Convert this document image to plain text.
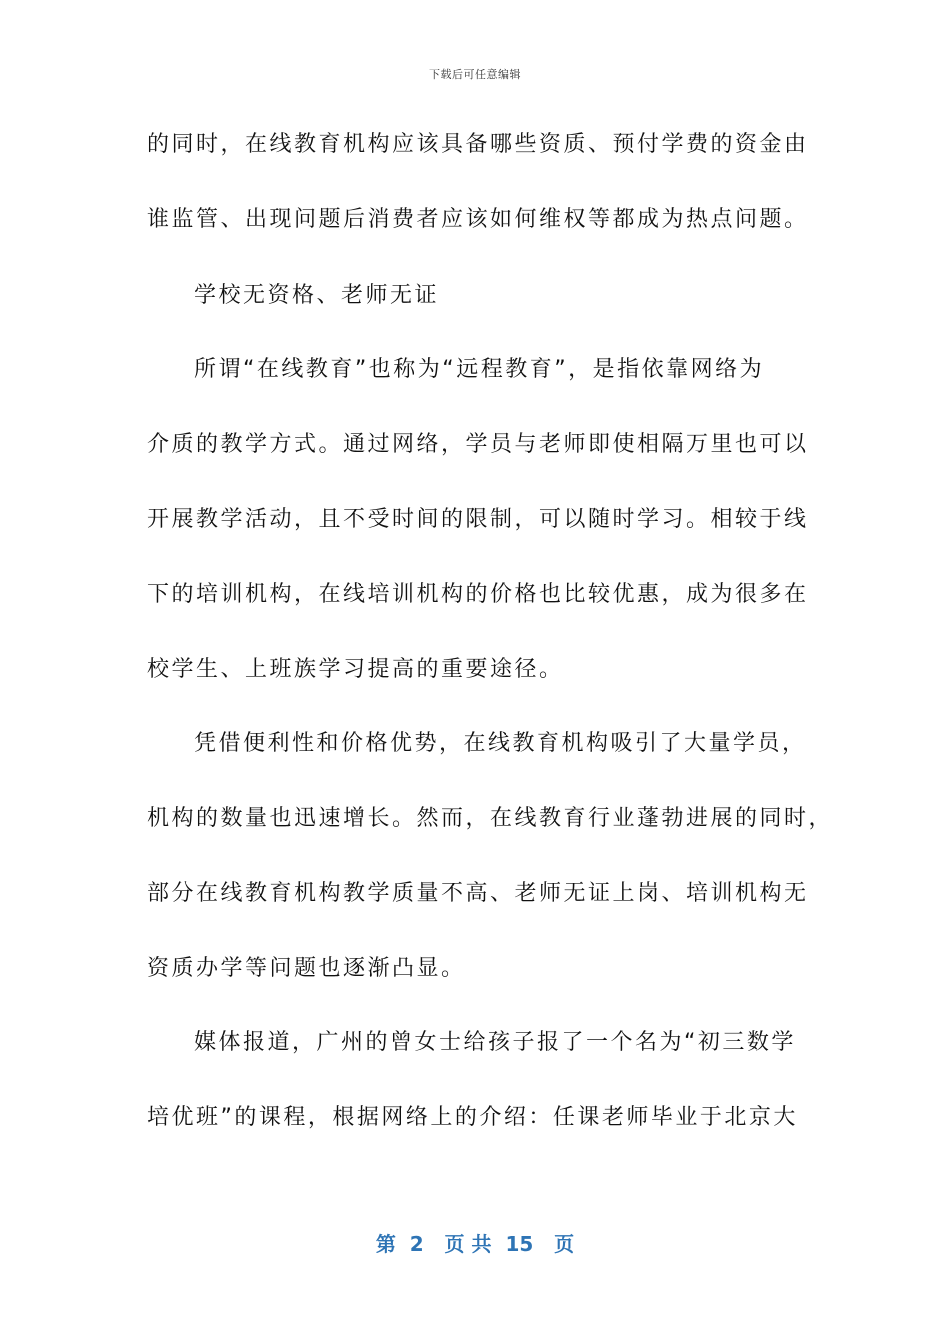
下载后可任意编辑
的同时，在线教育机构应该具备哪些资质、预付学费的资金由
谁监管、出现问题后消费者应该如何维权等都成为热点问题。
学校无资格、老师无证
所谓“在线教育”也称为“远程教育”，是指依靠网络为
介质的教学方式。通过网络，学员与老师即使相隔万里也可以
开展教学活动，且不受时间的限制，可以随时学习。相较于线
下的培训机构，在线培训机构的价格也比较优惠，成为很多在
校学生、上班族学习提高的重要途径。
凭借便利性和价格优势，在线教育机构吸引了大量学员，
机构的数量也迅速增长。然而，在线教育行业蓬勃进展的同时，
部分在线教育机构教学质量不高、老师无证上岗、培训机构无
资质办学等问题也逐渐凸显。
媒体报道，广州的曾女士给孩子报了一个名为“初三数学
培优班”的课程，根据网络上的介绍：任课老师毕业于北京大
第  2   页 共  15   页
